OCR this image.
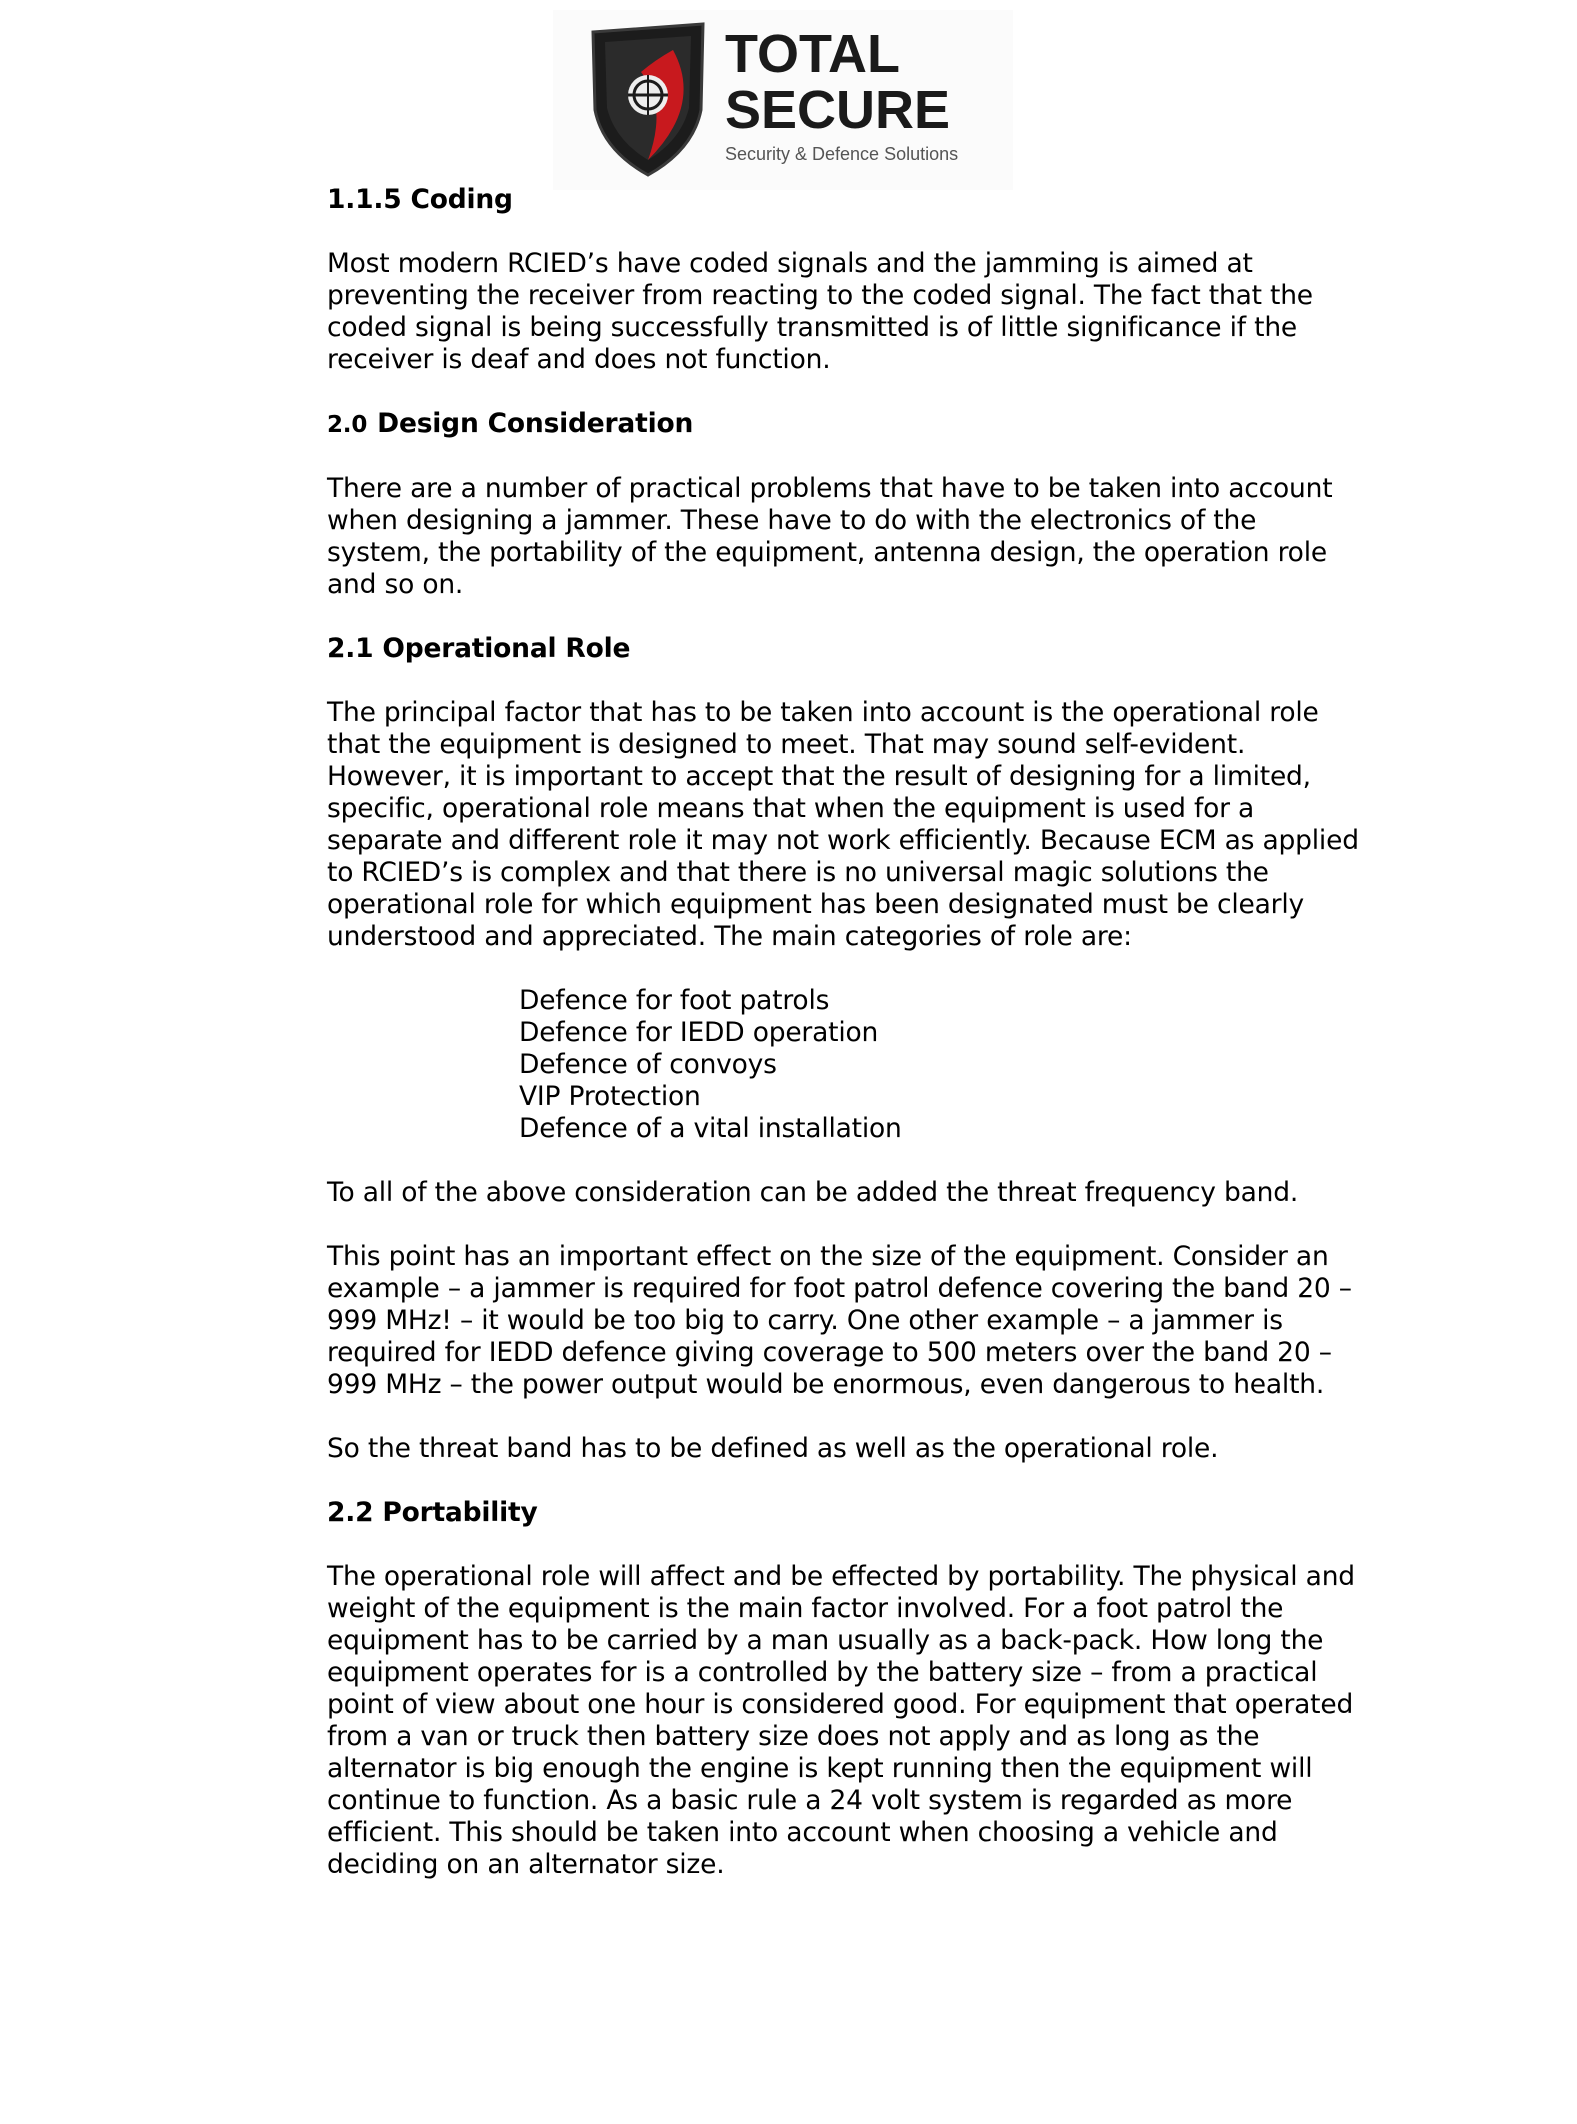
TOTAL
SECURE
Security & Defence Solutions
1.1.5 Coding

Most modern RCIED’s have coded signals and the jamming is aimed at preventing the receiver from reacting to the coded signal. The fact that the coded signal is being successfully transmitted is of little significance if the receiver is deaf and does not function.

2.0 Design Consideration

There are a number of practical problems that have to be taken into account when designing a jammer. These have to do with the electronics of the system, the portability of the equipment, antenna design, the operation role and so on.

2.1 Operational Role

The principal factor that has to be taken into account is the operational role that the equipment is designed to meet. That may sound self-evident. However, it is important to accept that the result of designing for a limited, specific, operational role means that when the equipment is used for a separate and different role it may not work efficiently. Because ECM as applied to RCIED’s is complex and that there is no universal magic solutions the operational role for which equipment has been designated must be clearly understood and appreciated. The main categories of role are:

Defence for foot patrols
Defence for IEDD operation
Defence of convoys
VIP Protection
Defence of a vital installation

To all of the above consideration can be added the threat frequency band.

This point has an important effect on the size of the equipment. Consider an example – a jammer is required for foot patrol defence covering the band 20 – 999 MHz! – it would be too big to carry. One other example – a jammer is required for IEDD defence giving coverage to 500 meters over the band 20 – 999 MHz – the power output would be enormous, even dangerous to health.

So the threat band has to be defined as well as the operational role.

2.2 Portability

The operational role will affect and be effected by portability. The physical and weight of the equipment is the main factor involved. For a foot patrol the equipment has to be carried by a man usually as a back-pack. How long the equipment operates for is a controlled by the battery size – from a practical point of view about one hour is considered good. For equipment that operated from a van or truck then battery size does not apply and as long as the alternator is big enough the engine is kept running then the equipment will continue to function. As a basic rule a 24 volt system is regarded as more efficient. This should be taken into account when choosing a vehicle and deciding on an alternator size.
